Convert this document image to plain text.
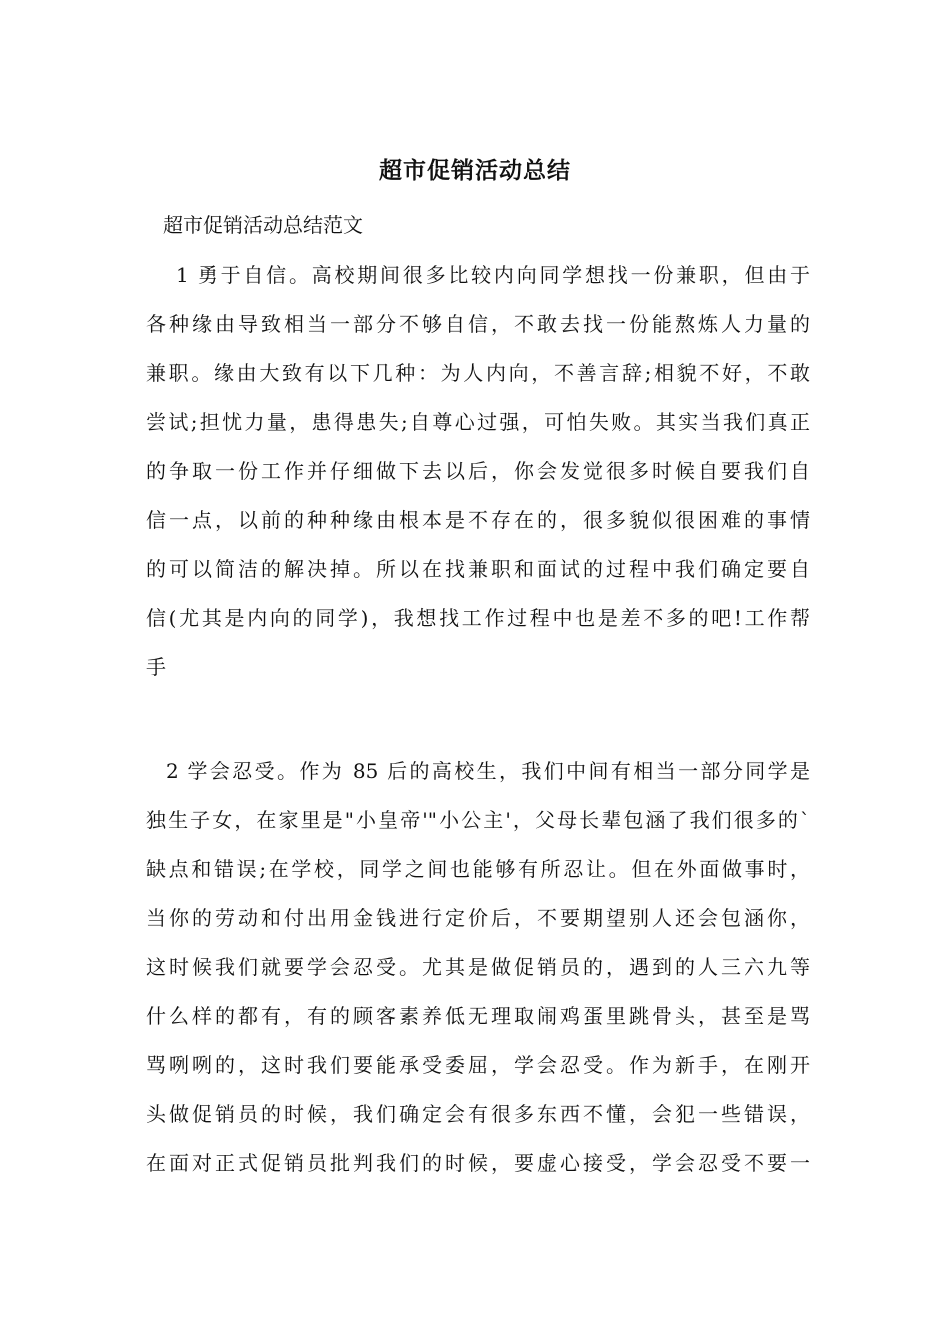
超市促销活动总结
超市促销活动总结范文
1 勇于自信。高校期间很多比较内向同学想找一份兼职，但由于
各种缘由导致相当一部分不够自信，不敢去找一份能熬炼人力量的
兼职。缘由大致有以下几种：为人内向，不善言辞;相貌不好，不敢
尝试;担忧力量，患得患失;自尊心过强，可怕失败。其实当我们真正
的争取一份工作并仔细做下去以后，你会发觉很多时候自要我们自
信一点，以前的种种缘由根本是不存在的，很多貌似很困难的事情
的可以简洁的解决掉。所以在找兼职和面试的过程中我们确定要自
信(尤其是内向的同学)，我想找工作过程中也是差不多的吧!工作帮
手
2 学会忍受。作为 85 后的高校生，我们中间有相当一部分同学是
独生子女，在家里是"小皇帝'"小公主'，父母长辈包涵了我们很多的`
缺点和错误;在学校，同学之间也能够有所忍让。但在外面做事时，
当你的劳动和付出用金钱进行定价后，不要期望别人还会包涵你，
这时候我们就要学会忍受。尤其是做促销员的，遇到的人三六九等
什么样的都有，有的顾客素养低无理取闹鸡蛋里跳骨头，甚至是骂
骂咧咧的，这时我们要能承受委屈，学会忍受。作为新手，在刚开
头做促销员的时候，我们确定会有很多东西不懂，会犯一些错误，
在面对正式促销员批判我们的时候，要虚心接受，学会忍受不要一
